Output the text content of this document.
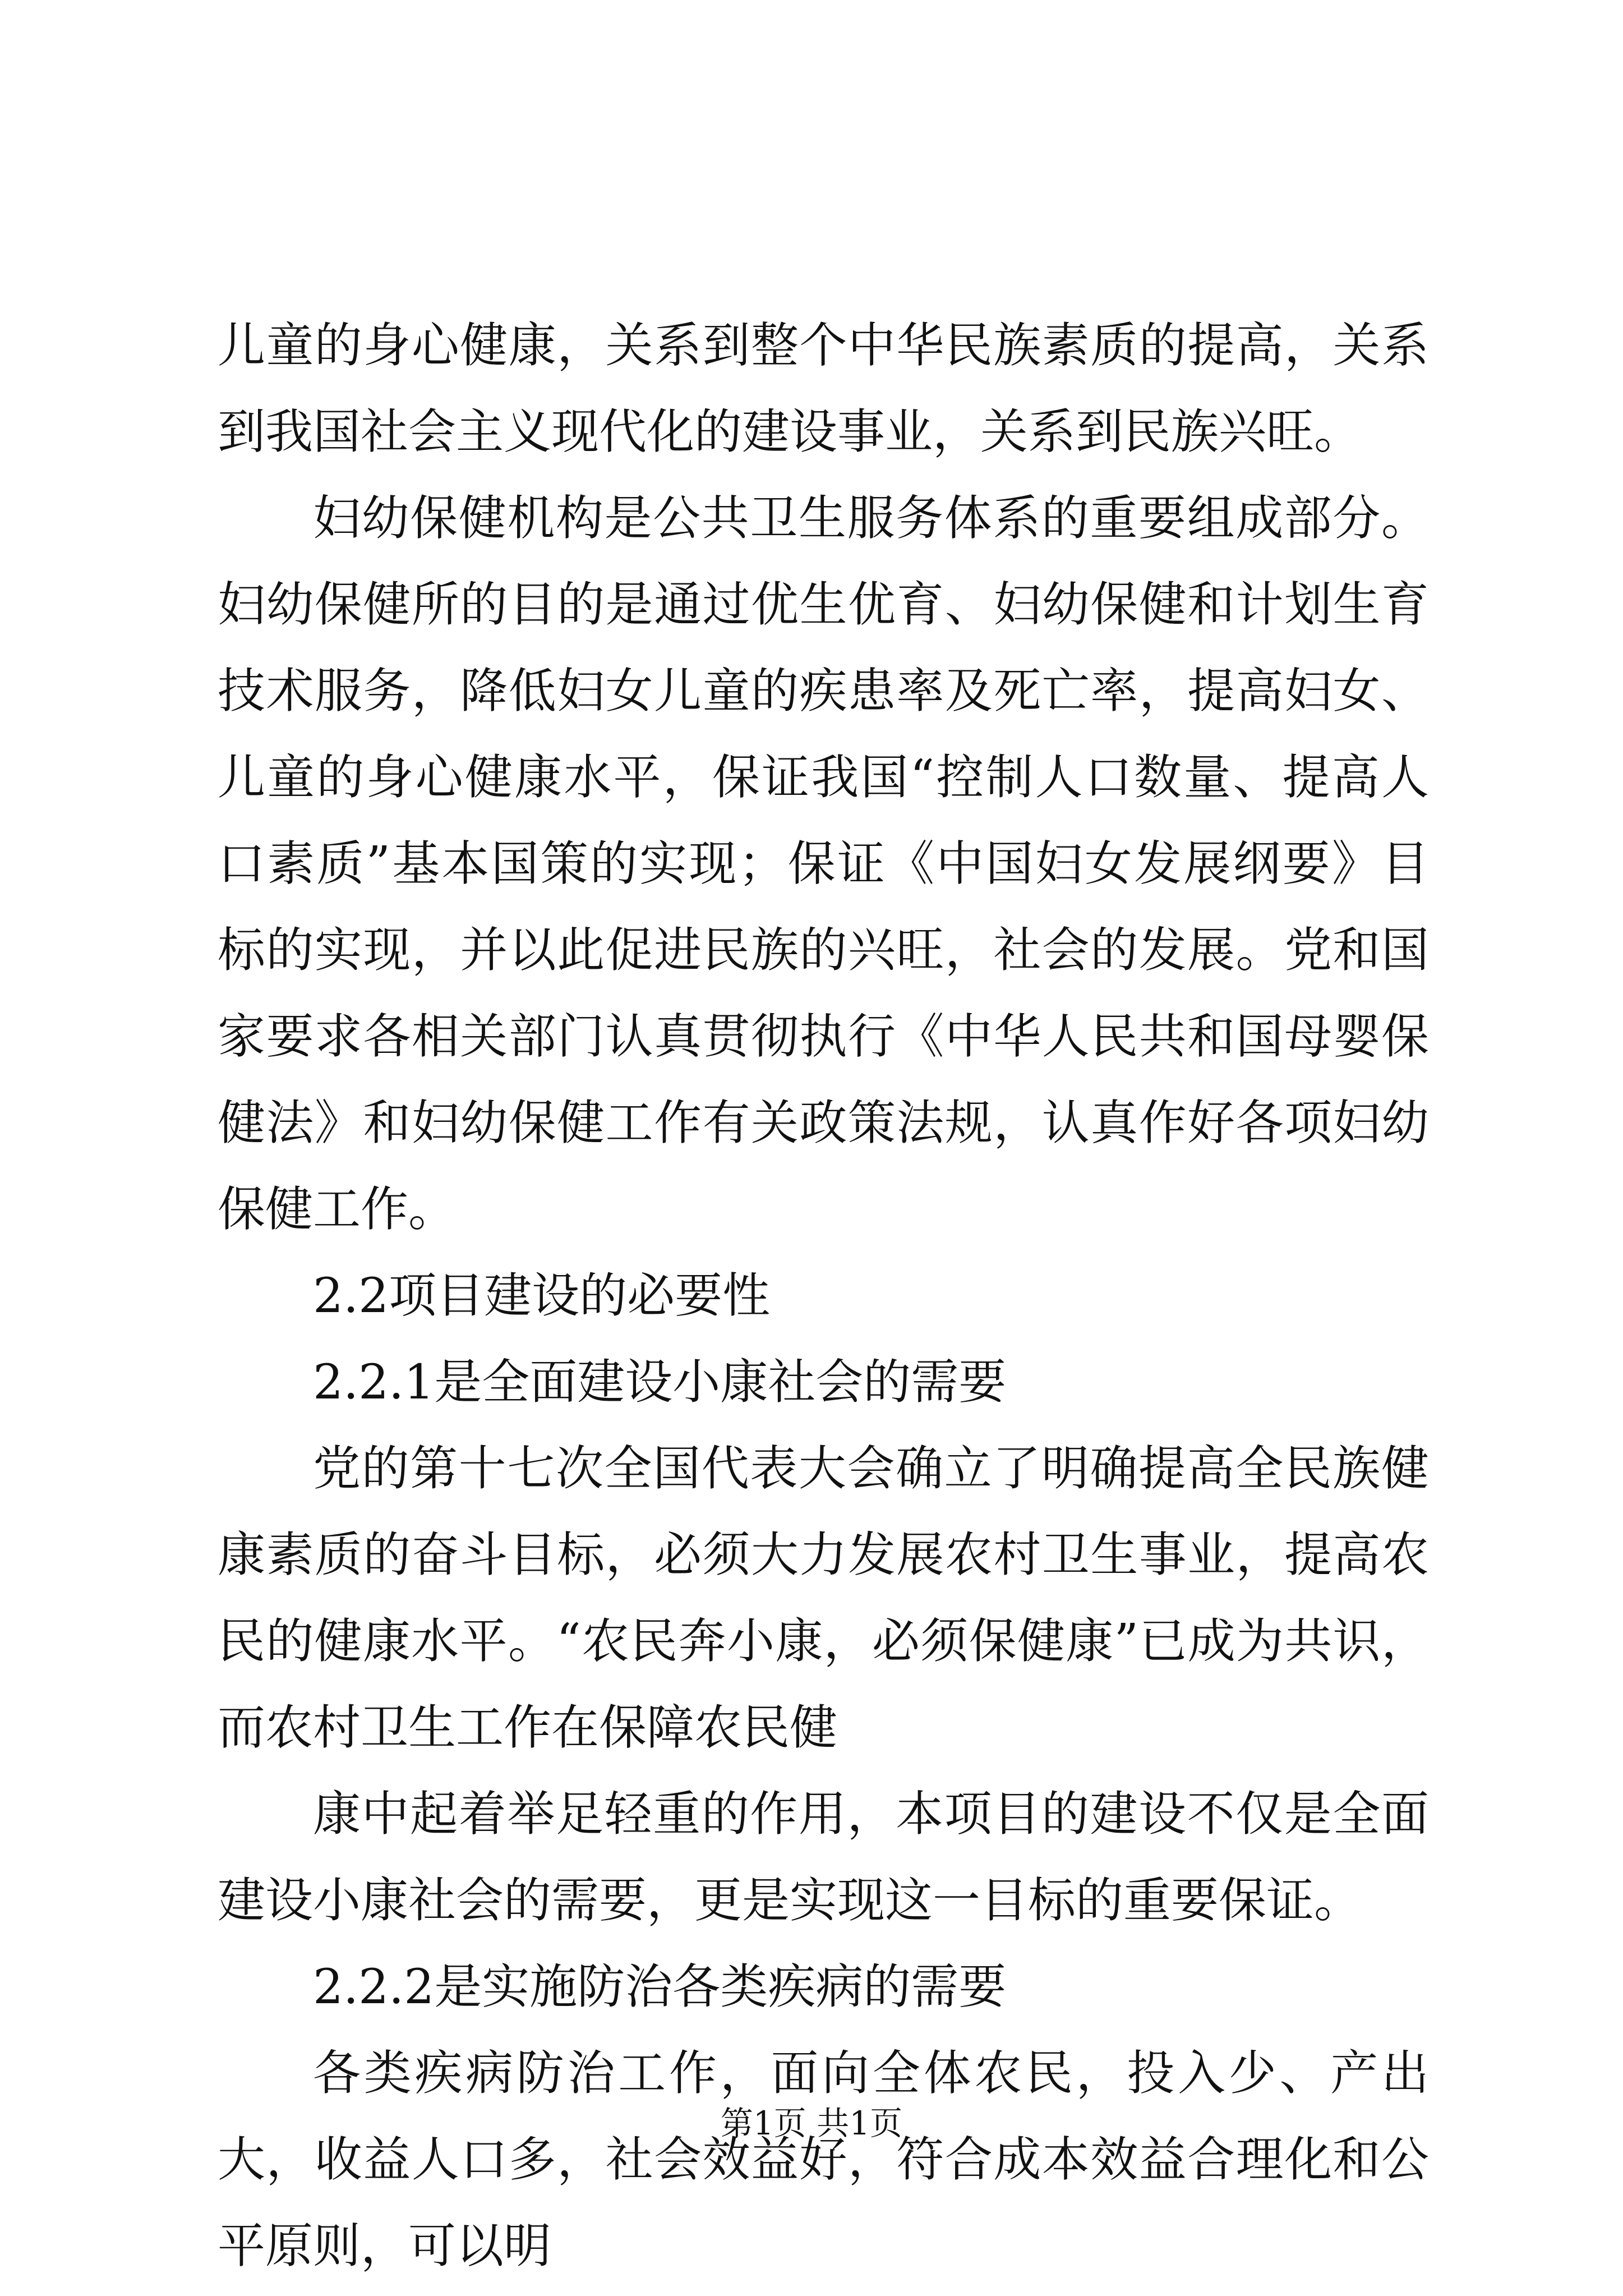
儿童的身心健康，关系到整个中华民族素质的提高，关系到我国社会主义现代化的建设事业，关系到民族兴旺。

妇幼保健机构是公共卫生服务体系的重要组成部分。妇幼保健所的目的是通过优生优育、妇幼保健和计划生育技术服务，降低妇女儿童的疾患率及死亡率，提高妇女、儿童的身心健康水平，保证我国“控制人口数量、提高人口素质”基本国策的实现；保证《中国妇女发展纲要》目标的实现，并以此促进民族的兴旺，社会的发展。党和国家要求各相关部门认真贯彻执行《中华人民共和国母婴保健法》和妇幼保健工作有关政策法规，认真作好各项妇幼保健工作。

2.2项目建设的必要性

2.2.1是全面建设小康社会的需要

党的第十七次全国代表大会确立了明确提高全民族健康素质的奋斗目标，必须大力发展农村卫生事业，提高农民的健康水平。“农民奔小康，必须保健康”已成为共识，而农村卫生工作在保障农民健

康中起着举足轻重的作用，本项目的建设不仅是全面建设小康社会的需要，更是实现这一目标的重要保证。

2.2.2是实施防治各类疾病的需要

各类疾病防治工作，面向全体农民，投入少、产出大，收益人口多，社会效益好，符合成本效益合理化和公平原则，可以明

第1页 共1页
